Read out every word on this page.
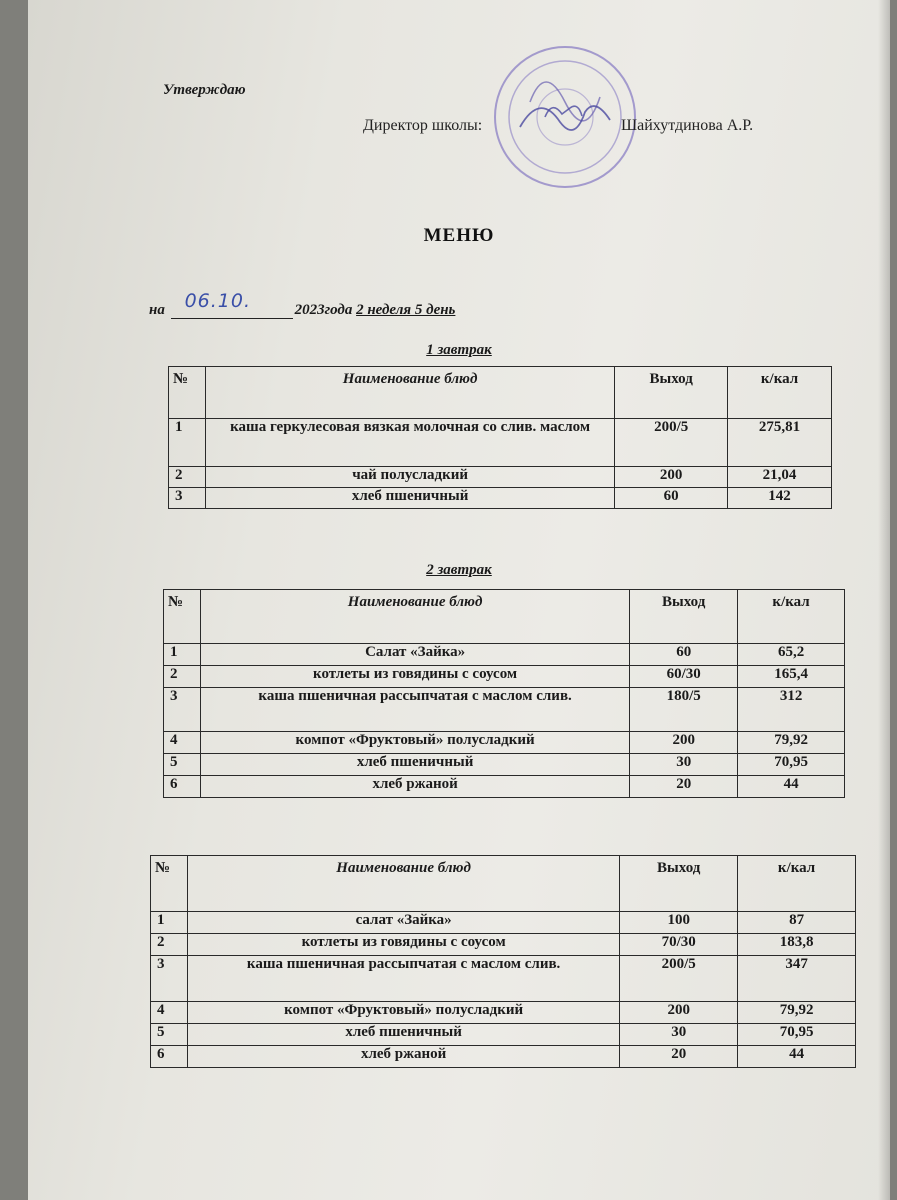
Утверждаю
Директор школы:	Шайхутдинова А.Р.
МЕНЮ
на 06.10.	2023года 2 неделя 5 день
1 завтрак
№	Наименование блюд	Выход	к/кал
1	каша геркулесовая вязкая молочная со слив. маслом	200/5	275,81
2	чай полусладкий	200	21,04
3	хлеб пшеничный	60	142
2 завтрак
№	Наименование блюд	Выход	к/кал
1	Салат «Зайка»	60	65,2
2	котлеты из говядины с соусом	60/30	165,4
3	каша пшеничная рассыпчатая с маслом слив.	180/5	312
4	компот «Фруктовый» полусладкий	200	79,92
5	хлеб пшеничный	30	70,95
6	хлеб ржаной	20	44
№	Наименование блюд	Выход	к/кал
1	салат «Зайка»	100	87
2	котлеты из говядины с соусом	70/30	183,8
3	каша пшеничная рассыпчатая с маслом слив.	200/5	347
4	компот «Фруктовый» полусладкий	200	79,92
5	хлеб пшеничный	30	70,95
6	хлеб ржаной	20	44
